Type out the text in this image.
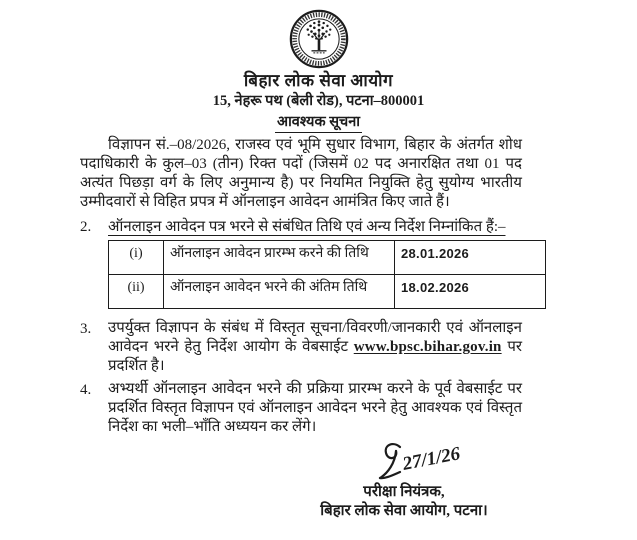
बिहार लोक सेवा आयोग
15, नेहरू पथ (बेली रोड), पटना–800001
आवश्यक सूचना

विज्ञापन सं.–08/2026, राजस्व एवं भूमि सुधार विभाग, बिहार के अंतर्गत शोध पदाधिकारी के कुल–03 (तीन) रिक्त पदों (जिसमें 02 पद अनारक्षित तथा 01 पद अत्यंत पिछड़ा वर्ग के लिए अनुमान्य है) पर नियमित नियुक्ति हेतु सुयोग्य भारतीय उम्मीदवारों से विहित प्रपत्र में ऑनलाइन आवेदन आमंत्रित किए जाते हैं।

2.	ऑनलाइन आवेदन पत्र भरने से संबंधित तिथि एवं अन्य निर्देश निम्नांकित हैं:–
(i)	ऑनलाइन आवेदन प्रारम्भ करने की तिथि	28.01.2026
(ii)	ऑनलाइन आवेदन भरने की अंतिम तिथि	18.02.2026
3.	उपर्युक्त विज्ञापन के संबंध में विस्तृत सूचना/विवरणी/जानकारी एवं ऑनलाइन आवेदन भरने हेतु निर्देश आयोग के वेबसाईट www.bpsc.bihar.gov.in पर प्रदर्शित है।
4.	अभ्यर्थी ऑनलाइन आवेदन भरने की प्रक्रिया प्रारम्भ करने के पूर्व वेबसाईट पर प्रदर्शित विस्तृत विज्ञापन एवं ऑनलाइन आवेदन भरने हेतु आवश्यक एवं विस्तृत निर्देश का भली–भाँति अध्ययन कर लेंगे।
27/1/26
परीक्षा नियंत्रक,
बिहार लोक सेवा आयोग, पटना।
